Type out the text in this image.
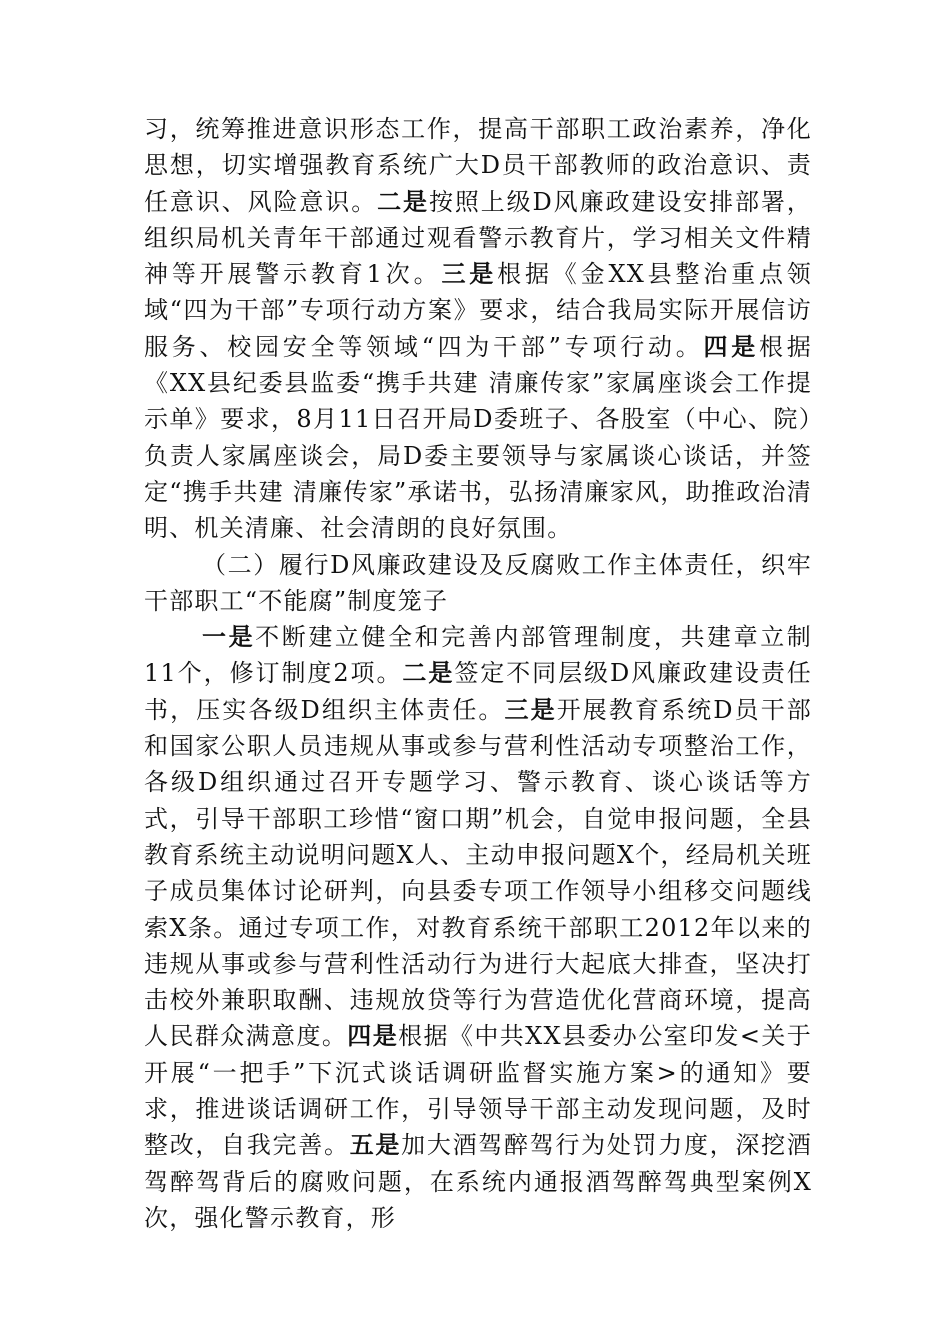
习，统筹推进意识形态工作，提高干部职工政治素养，净化思想，切实增强教育系统广大D员干部教师的政治意识、责任意识、风险意识。二是按照上级D风廉政建设安排部署，组织局机关青年干部通过观看警示教育片，学习相关文件精神等开展警示教育1次。三是根据《金XX县整治重点领域“四为干部”专项行动方案》要求，结合我局实际开展信访服务、校园安全等领域“四为干部”专项行动。四是根据《XX县纪委县监委“携手共建 清廉传家”家属座谈会工作提示单》要求，8月11日召开局D委班子、各股室（中心、院）负责人家属座谈会，局D委主要领导与家属谈心谈话，并签定“携手共建 清廉传家”承诺书，弘扬清廉家风，助推政治清明、机关清廉、社会清朗的良好氛围。

（二）履行D风廉政建设及反腐败工作主体责任，织牢干部职工“不能腐”制度笼子

一是不断建立健全和完善内部管理制度，共建章立制11个，修订制度2项。二是签定不同层级D风廉政建设责任书，压实各级D组织主体责任。三是开展教育系统D员干部和国家公职人员违规从事或参与营利性活动专项整治工作，各级D组织通过召开专题学习、警示教育、谈心谈话等方式，引导干部职工珍惜“窗口期”机会，自觉申报问题，全县教育系统主动说明问题X人、主动申报问题X个，经局机关班子成员集体讨论研判，向县委专项工作领导小组移交问题线索X条。通过专项工作，对教育系统干部职工2012年以来的违规从事或参与营利性活动行为进行大起底大排查，坚决打击校外兼职取酬、违规放贷等行为营造优化营商环境，提高人民群众满意度。四是根据《中共XX县委办公室印发<关于开展“一把手”下沉式谈话调研监督实施方案>的通知》要求，推进谈话调研工作，引导领导干部主动发现问题，及时整改，自我完善。五是加大酒驾醉驾行为处罚力度，深挖酒驾醉驾背后的腐败问题，在系统内通报酒驾醉驾典型案例X次，强化警示教育，形
